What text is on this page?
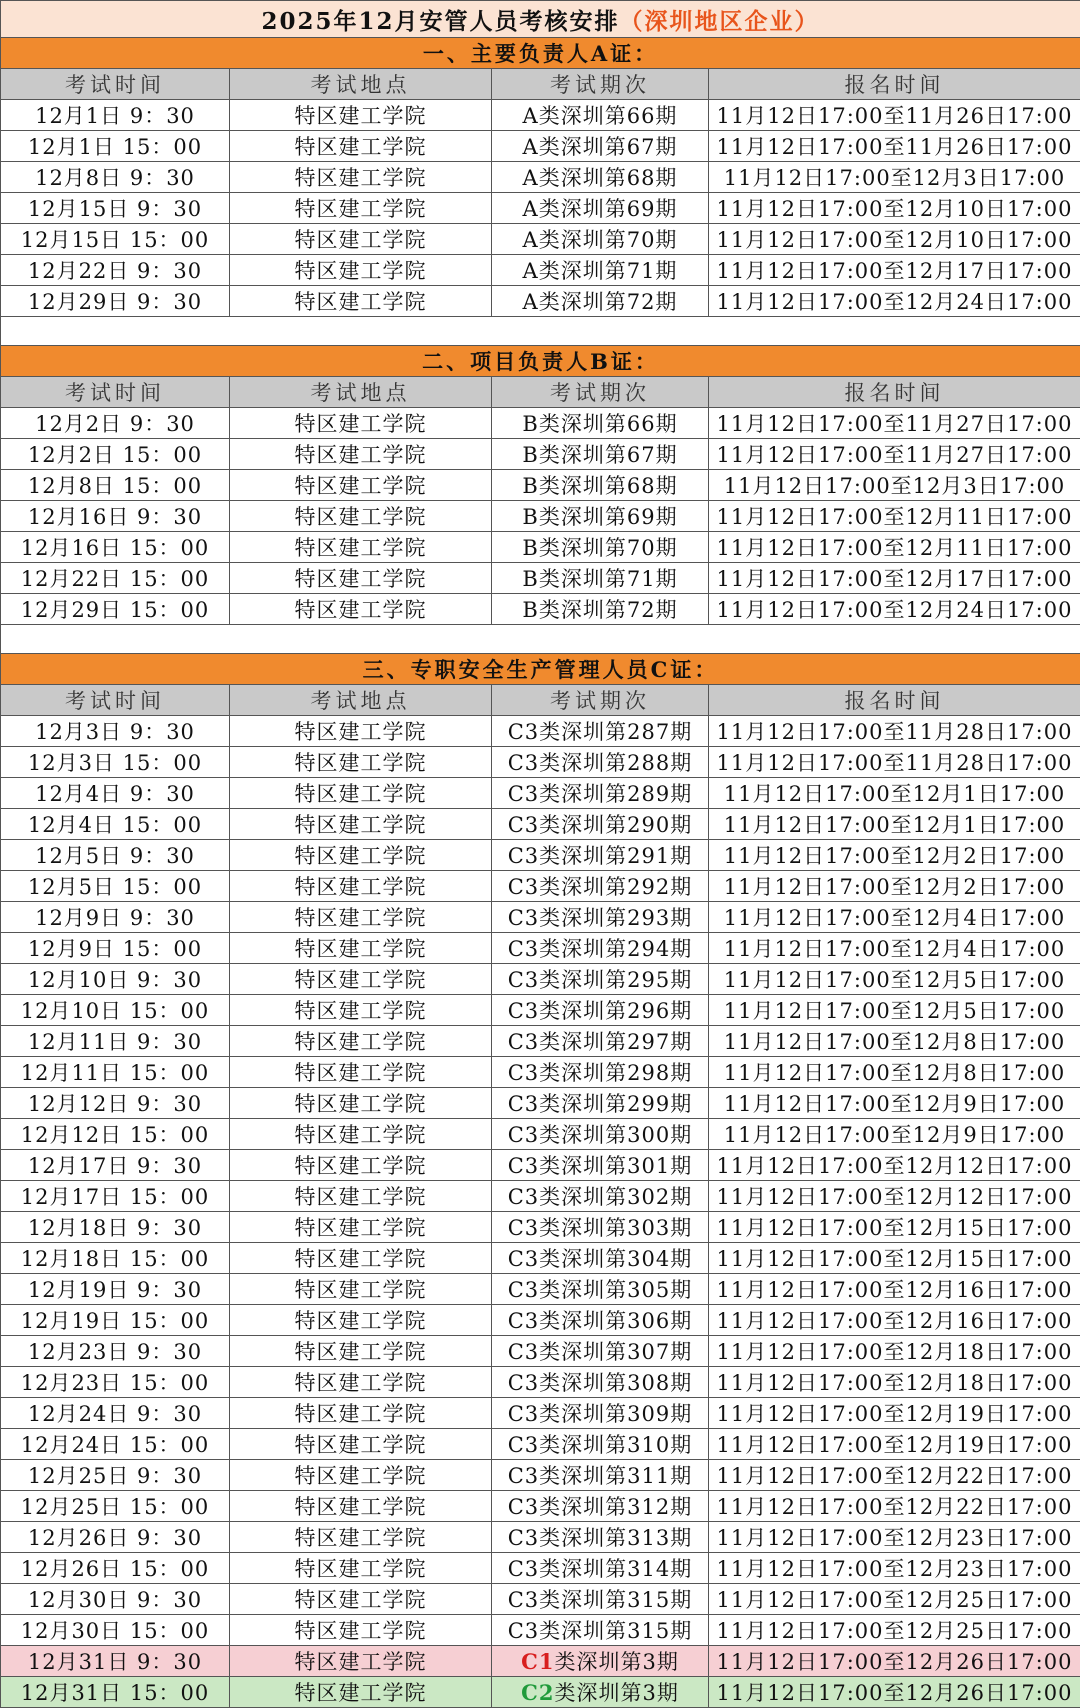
2025年12月安管人员考核安排（深圳地区企业）			
一、主要负责人A证：			
考试时间	考试地点	考试期次	报名时间
12月1日 9：30	特区建工学院	A类深圳第66期	11月12日17:00至11月26日17:00
12月1日 15：00	特区建工学院	A类深圳第67期	11月12日17:00至11月26日17:00
12月8日 9：30	特区建工学院	A类深圳第68期	11月12日17:00至12月3日17:00
12月15日 9：30	特区建工学院	A类深圳第69期	11月12日17:00至12月10日17:00
12月15日 15：00	特区建工学院	A类深圳第70期	11月12日17:00至12月10日17:00
12月22日 9：30	特区建工学院	A类深圳第71期	11月12日17:00至12月17日17:00
12月29日 9：30	特区建工学院	A类深圳第72期	11月12日17:00至12月24日17:00

二、项目负责人B证：			
考试时间	考试地点	考试期次	报名时间
12月2日 9：30	特区建工学院	B类深圳第66期	11月12日17:00至11月27日17:00
12月2日 15：00	特区建工学院	B类深圳第67期	11月12日17:00至11月27日17:00
12月8日 15：00	特区建工学院	B类深圳第68期	11月12日17:00至12月3日17:00
12月16日 9：30	特区建工学院	B类深圳第69期	11月12日17:00至12月11日17:00
12月16日 15：00	特区建工学院	B类深圳第70期	11月12日17:00至12月11日17:00
12月22日 15：00	特区建工学院	B类深圳第71期	11月12日17:00至12月17日17:00
12月29日 15：00	特区建工学院	B类深圳第72期	11月12日17:00至12月24日17:00

三、专职安全生产管理人员C证：			
考试时间	考试地点	考试期次	报名时间
12月3日 9：30	特区建工学院	C3类深圳第287期	11月12日17:00至11月28日17:00
12月3日 15：00	特区建工学院	C3类深圳第288期	11月12日17:00至11月28日17:00
12月4日 9：30	特区建工学院	C3类深圳第289期	11月12日17:00至12月1日17:00
12月4日 15：00	特区建工学院	C3类深圳第290期	11月12日17:00至12月1日17:00
12月5日 9：30	特区建工学院	C3类深圳第291期	11月12日17:00至12月2日17:00
12月5日 15：00	特区建工学院	C3类深圳第292期	11月12日17:00至12月2日17:00
12月9日 9：30	特区建工学院	C3类深圳第293期	11月12日17:00至12月4日17:00
12月9日 15：00	特区建工学院	C3类深圳第294期	11月12日17:00至12月4日17:00
12月10日 9：30	特区建工学院	C3类深圳第295期	11月12日17:00至12月5日17:00
12月10日 15：00	特区建工学院	C3类深圳第296期	11月12日17:00至12月5日17:00
12月11日 9：30	特区建工学院	C3类深圳第297期	11月12日17:00至12月8日17:00
12月11日 15：00	特区建工学院	C3类深圳第298期	11月12日17:00至12月8日17:00
12月12日 9：30	特区建工学院	C3类深圳第299期	11月12日17:00至12月9日17:00
12月12日 15：00	特区建工学院	C3类深圳第300期	11月12日17:00至12月9日17:00
12月17日 9：30	特区建工学院	C3类深圳第301期	11月12日17:00至12月12日17:00
12月17日 15：00	特区建工学院	C3类深圳第302期	11月12日17:00至12月12日17:00
12月18日 9：30	特区建工学院	C3类深圳第303期	11月12日17:00至12月15日17:00
12月18日 15：00	特区建工学院	C3类深圳第304期	11月12日17:00至12月15日17:00
12月19日 9：30	特区建工学院	C3类深圳第305期	11月12日17:00至12月16日17:00
12月19日 15：00	特区建工学院	C3类深圳第306期	11月12日17:00至12月16日17:00
12月23日 9：30	特区建工学院	C3类深圳第307期	11月12日17:00至12月18日17:00
12月23日 15：00	特区建工学院	C3类深圳第308期	11月12日17:00至12月18日17:00
12月24日 9：30	特区建工学院	C3类深圳第309期	11月12日17:00至12月19日17:00
12月24日 15：00	特区建工学院	C3类深圳第310期	11月12日17:00至12月19日17:00
12月25日 9：30	特区建工学院	C3类深圳第311期	11月12日17:00至12月22日17:00
12月25日 15：00	特区建工学院	C3类深圳第312期	11月12日17:00至12月22日17:00
12月26日 9：30	特区建工学院	C3类深圳第313期	11月12日17:00至12月23日17:00
12月26日 15：00	特区建工学院	C3类深圳第314期	11月12日17:00至12月23日17:00
12月30日 9：30	特区建工学院	C3类深圳第315期	11月12日17:00至12月25日17:00
12月30日 15：00	特区建工学院	C3类深圳第315期	11月12日17:00至12月25日17:00
12月31日 9：30	特区建工学院	C1类深圳第3期	11月12日17:00至12月26日17:00
12月31日 15：00	特区建工学院	C2类深圳第3期	11月12日17:00至12月26日17:00
